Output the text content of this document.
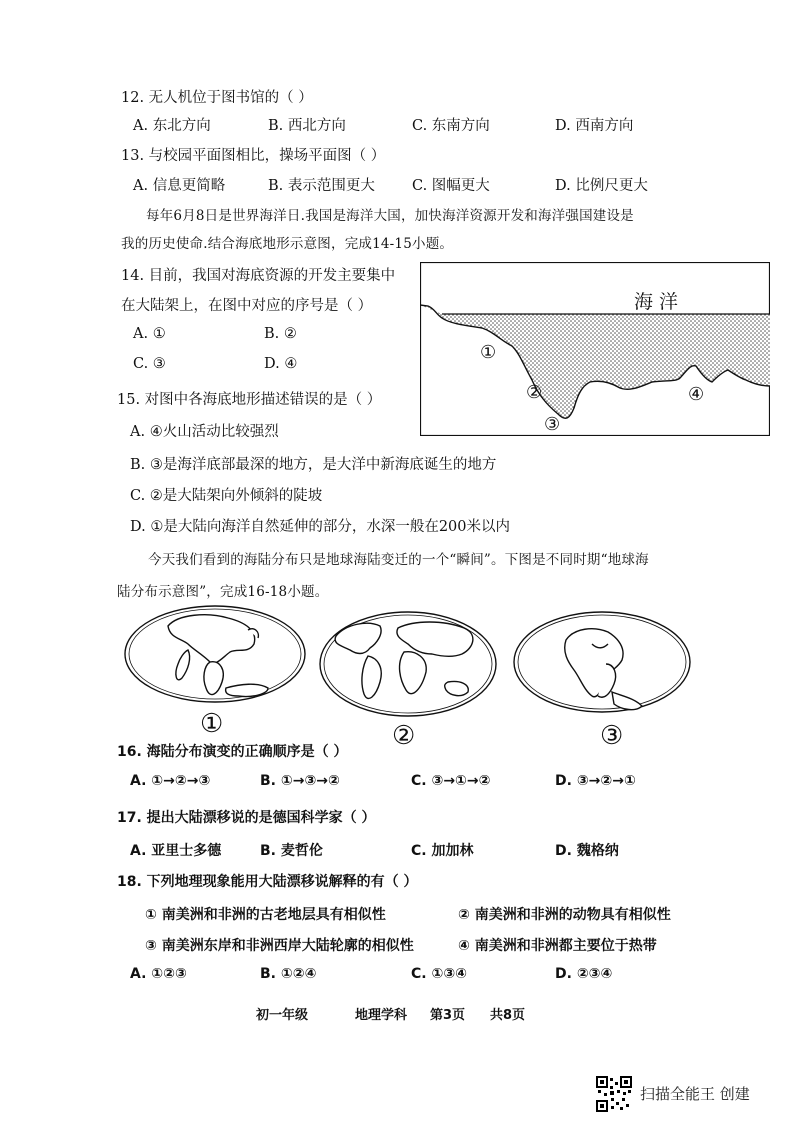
12. 无人机位于图书馆的（ ）
A. 东北方向	B. 西北方向	C. 东南方向	D. 西南方向
13. 与校园平面图相比，操场平面图（ ）
A. 信息更简略	B. 表示范围更大	C. 图幅更大	D. 比例尺更大
每年6月8日是世界海洋日.我国是海洋大国，加快海洋资源开发和海洋强国建设是
我的历史使命.结合海底地形示意图，完成14-15小题。
14. 目前，我国对海底资源的开发主要集中
在大陆架上，在图中对应的序号是（ ）
A. ①	B. ②
C. ③	D. ④
海 洋
①
②
③
④
15. 对图中各海底地形描述错误的是（ ）
A. ④火山活动比较强烈
B. ③是海洋底部最深的地方，是大洋中新海底诞生的地方
C. ②是大陆架向外倾斜的陡坡
D. ①是大陆向海洋自然延伸的部分，水深一般在200米以内
今天我们看到的海陆分布只是地球海陆变迁的一个“瞬间”。下图是不同时期“地球海
陆分布示意图”，完成16-18小题。
①	②	③
16. 海陆分布演变的正确顺序是（ ）
A. ①→②→③	B. ①→③→②	C. ③→①→②	D. ③→②→①
17. 提出大陆漂移说的是德国科学家（ ）
A. 亚里士多德	B. 麦哲伦	C. 加加林	D. 魏格纳
18. 下列地理现象能用大陆漂移说解释的有（ ）
① 南美洲和非洲的古老地层具有相似性	② 南美洲和非洲的动物具有相似性
③ 南美洲东岸和非洲西岸大陆轮廓的相似性	④ 南美洲和非洲都主要位于热带
A. ①②③	B. ①②④	C. ①③④	D. ②③④
初一年级	地理学科 第3页 共8页
扫描全能王 创建
